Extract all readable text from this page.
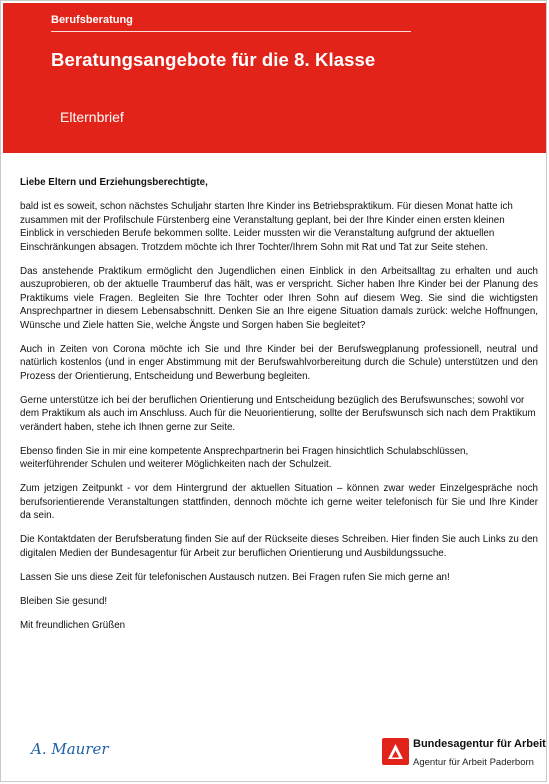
Berufsberatung
Beratungsangebote für die 8. Klasse
Elternbrief

Liebe Eltern und Erziehungsberechtigte,

bald ist es soweit, schon nächstes Schuljahr starten Ihre Kinder ins Betriebspraktikum. Für diesen Monat hatte ich zusammen mit der Profilschule Fürstenberg eine Veranstaltung geplant, bei der Ihre Kinder einen ersten kleinen Einblick in verschieden Berufe bekommen sollte. Leider mussten wir die Veranstaltung aufgrund der aktuellen Einschränkungen absagen. Trotzdem möchte ich Ihrer Tochter/Ihrem Sohn mit Rat und Tat zur Seite stehen.

Das anstehende Praktikum ermöglicht den Jugendlichen einen Einblick in den Arbeitsalltag zu erhalten und auch auszuprobieren, ob der aktuelle Traumberuf das hält, was er verspricht. Sicher haben Ihre Kinder bei der Planung des Praktikums viele Fragen. Begleiten Sie Ihre Tochter oder Ihren Sohn auf diesem Weg. Sie sind die wichtigsten Ansprechpartner in diesem Lebensabschnitt. Denken Sie an Ihre eigene Situation damals zurück: welche Hoffnungen, Wünsche und Ziele hatten Sie, welche Ängste und Sorgen haben Sie begleitet?

Auch in Zeiten von Corona möchte ich Sie und Ihre Kinder bei der Berufswegplanung professionell, neutral und natürlich kostenlos (und in enger Abstimmung mit der Berufswahlvorbereitung durch die Schule) unterstützen und den Prozess der Orientierung, Entscheidung und Bewerbung begleiten.

Gerne unterstütze ich bei der beruflichen Orientierung und Entscheidung bezüglich des Berufswunsches; sowohl vor dem Praktikum als auch im Anschluss. Auch für die Neuorientierung, sollte der Berufswunsch sich nach dem Praktikum verändert haben, stehe ich Ihnen gerne zur Seite.

Ebenso finden Sie in mir eine kompetente Ansprechpartnerin bei Fragen hinsichtlich Schulabschlüssen, weiterführender Schulen und weiterer Möglichkeiten nach der Schulzeit.

Zum jetzigen Zeitpunkt - vor dem Hintergrund der aktuellen Situation – können zwar weder Einzelgespräche noch berufsorientierende Veranstaltungen stattfinden, dennoch möchte ich gerne weiter telefonisch für Sie und Ihre Kinder da sein.

Die Kontaktdaten der Berufsberatung finden Sie auf der Rückseite dieses Schreiben. Hier finden Sie auch Links zu den digitalen Medien der Bundesagentur für Arbeit zur beruflichen Orientierung und Ausbildungssuche.

Lassen Sie uns diese Zeit für telefonischen Austausch nutzen. Bei Fragen rufen Sie mich gerne an!

Bleiben Sie gesund!

Mit freundlichen Grüßen

A. Maurer	Bundesagentur für Arbeit
Agentur für Arbeit Paderborn
